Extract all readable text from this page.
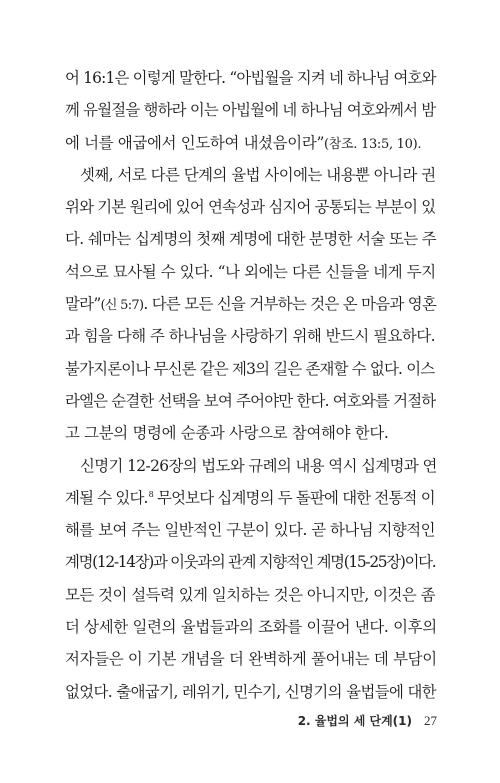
어 16:1은 이렇게 말한다. “아빕월을 지켜 네 하나님 여호와
께 유월절을 행하라 이는 아빕월에 네 하나님 여호와께서 밤
에 너를 애굽에서 인도하여 내셨음이라”(참조. 13:5, 10).
셋째, 서로 다른 단계의 율법 사이에는 내용뿐 아니라 권
위와 기본 원리에 있어 연속성과 심지어 공통되는 부분이 있
다. 쉐마는 십계명의 첫째 계명에 대한 분명한 서술 또는 주
석으로 묘사될 수 있다. “나 외에는 다른 신들을 네게 두지
말라”(신 5:7). 다른 모든 신을 거부하는 것은 온 마음과 영혼
과 힘을 다해 주 하나님을 사랑하기 위해 반드시 필요하다.
불가지론이나 무신론 같은 제3의 길은 존재할 수 없다. 이스
라엘은 순결한 선택을 보여 주어야만 한다. 여호와를 거절하
고 그분의 명령에 순종과 사랑으로 참여해야 한다.
신명기 12-26장의 법도와 규례의 내용 역시 십계명과 연
계될 수 있다.$^8$ 무엇보다 십계명의 두 돌판에 대한 전통적 이
해를 보여 주는 일반적인 구분이 있다. 곧 하나님 지향적인
계명(12-14장)과 이웃과의 관계 지향적인 계명(15-25장)이다.
모든 것이 설득력 있게 일치하는 것은 아니지만, 이것은 좀
더 상세한 일련의 율법들과의 조화를 이끌어 낸다. 이후의
저자들은 이 기본 개념을 더 완벽하게 풀어내는 데 부담이
없었다. 출애굽기, 레위기, 민수기, 신명기의 율법들에 대한
2. 율법의 세 단계(1) 27
